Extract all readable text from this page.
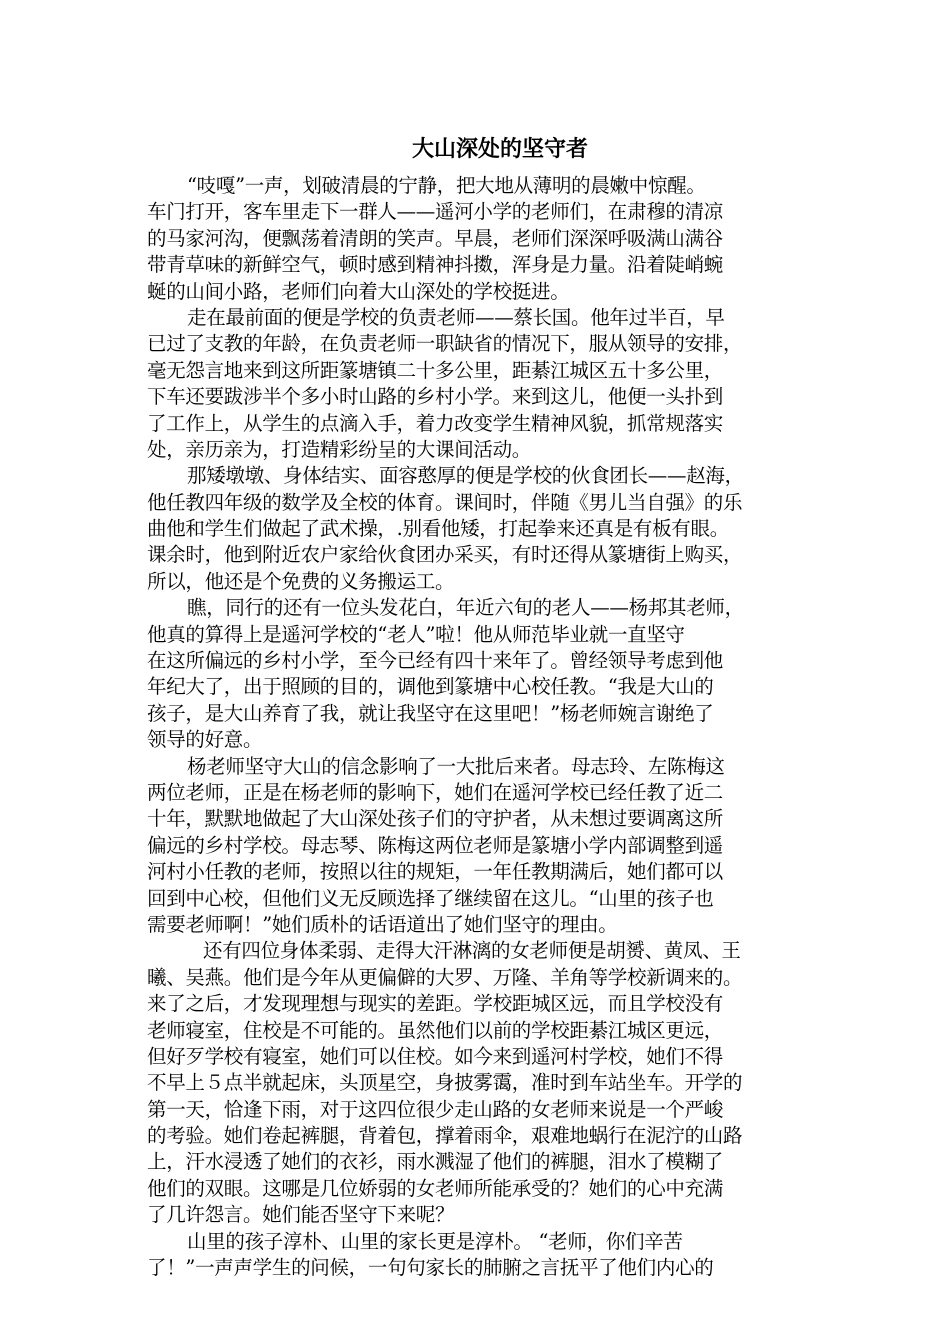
大山深处的坚守者
“吱嘎”一声，划破清晨的宁静，把大地从薄明的晨嫩中惊醒。
车门打开，客车里走下一群人——遥河小学的老师们，在肃穆的清凉
的马家河沟，便飘荡着清朗的笑声。早晨，老师们深深呼吸满山满谷
带青草味的新鲜空气，顿时感到精神抖擞，浑身是力量。沿着陡峭蜿
蜒的山间小路，老师们向着大山深处的学校挺进。
走在最前面的便是学校的负责老师——蔡长国。他年过半百，早
已过了支教的年龄，在负责老师一职缺省的情况下，服从领导的安排，
毫无怨言地来到这所距篆塘镇二十多公里，距綦江城区五十多公里，
下车还要跋涉半个多小时山路的乡村小学。来到这儿，他便一头扑到
了工作上，从学生的点滴入手，着力改变学生精神风貌，抓常规落实
处，亲历亲为，打造精彩纷呈的大课间活动。
那矮墩墩、身体结实、面容憨厚的便是学校的伙食团长——赵海，
他任教四年级的数学及全校的体育。课间时，伴随《男儿当自强》的乐
曲他和学生们做起了武术操，.别看他矮，打起拳来还真是有板有眼。
课余时，他到附近农户家给伙食团办采买，有时还得从篆塘街上购买，
所以，他还是个免费的义务搬运工。
瞧，同行的还有一位头发花白，年近六旬的老人——杨邦其老师，
他真的算得上是遥河学校的“老人”啦！他从师范毕业就一直坚守
在这所偏远的乡村小学，至今已经有四十来年了。曾经领导考虑到他
年纪大了，出于照顾的目的，调他到篆塘中心校任教。“我是大山的
孩子，是大山养育了我，就让我坚守在这里吧！”杨老师婉言谢绝了
领导的好意。
杨老师坚守大山的信念影响了一大批后来者。母志玲、左陈梅这
两位老师，正是在杨老师的影响下，她们在遥河学校已经任教了近二
十年，默默地做起了大山深处孩子们的守护者，从未想过要调离这所
偏远的乡村学校。母志琴、陈梅这两位老师是篆塘小学内部调整到遥
河村小任教的老师，按照以往的规矩，一年任教期满后，她们都可以
回到中心校，但他们义无反顾选择了继续留在这儿。“山里的孩子也
需要老师啊！”她们质朴的话语道出了她们坚守的理由。
还有四位身体柔弱、走得大汗淋漓的女老师便是胡赟、黄凤、王
曦、吴燕。他们是今年从更偏僻的大罗、万隆、羊角等学校新调来的。
来了之后，才发现理想与现实的差距。学校距城区远，而且学校没有
老师寝室，住校是不可能的。虽然他们以前的学校距綦江城区更远，
但好歹学校有寝室，她们可以住校。如今来到遥河村学校，她们不得
不早上５点半就起床，头顶星空，身披雾霭，准时到车站坐车。开学的
第一天，恰逢下雨，对于这四位很少走山路的女老师来说是一个严峻
的考验。她们卷起裤腿，背着包，撑着雨伞，艰难地蜗行在泥泞的山路
上，汗水浸透了她们的衣衫，雨水溅湿了他们的裤腿，泪水了模糊了
他们的双眼。这哪是几位娇弱的女老师所能承受的？她们的心中充满
了几许怨言。她们能否坚守下来呢？
山里的孩子淳朴、山里的家长更是淳朴。 “老师，你们辛苦
了！”一声声学生的问候，一句句家长的肺腑之言抚平了他们内心的
